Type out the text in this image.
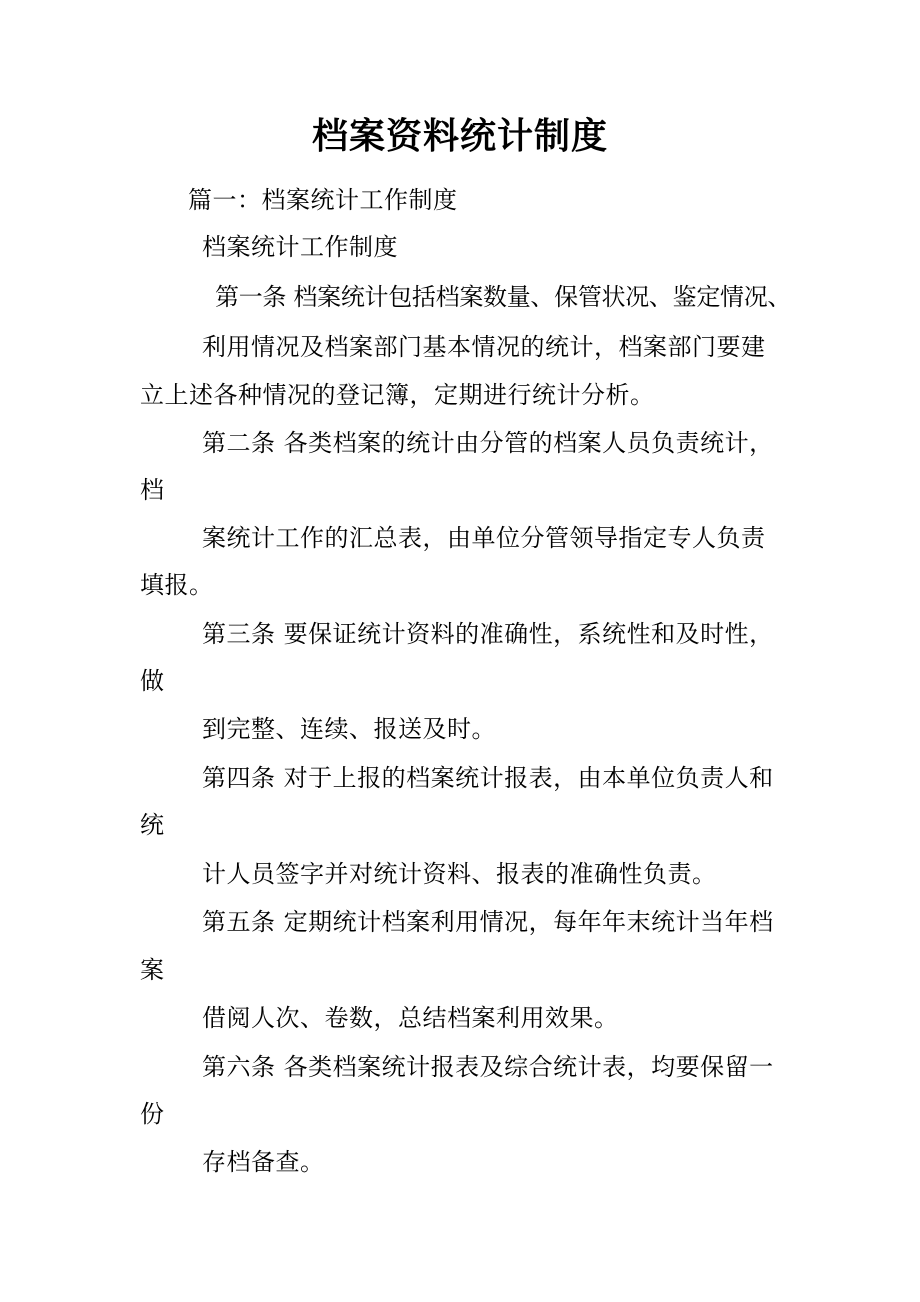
档案资料统计制度
篇一：档案统计工作制度
档案统计工作制度
第一条 档案统计包括档案数量、保管状况、鉴定情况、
利用情况及档案部门基本情况的统计，档案部门要建
立上述各种情况的登记簿，定期进行统计分析。
第二条 各类档案的统计由分管的档案人员负责统计，
档
案统计工作的汇总表，由单位分管领导指定专人负责
填报。
第三条 要保证统计资料的准确性，系统性和及时性，
做
到完整、连续、报送及时。
第四条 对于上报的档案统计报表，由本单位负责人和
统
计人员签字并对统计资料、报表的准确性负责。
第五条 定期统计档案利用情况，每年年末统计当年档
案
借阅人次、卷数，总结档案利用效果。
第六条 各类档案统计报表及综合统计表，均要保留一
份
存档备查。
